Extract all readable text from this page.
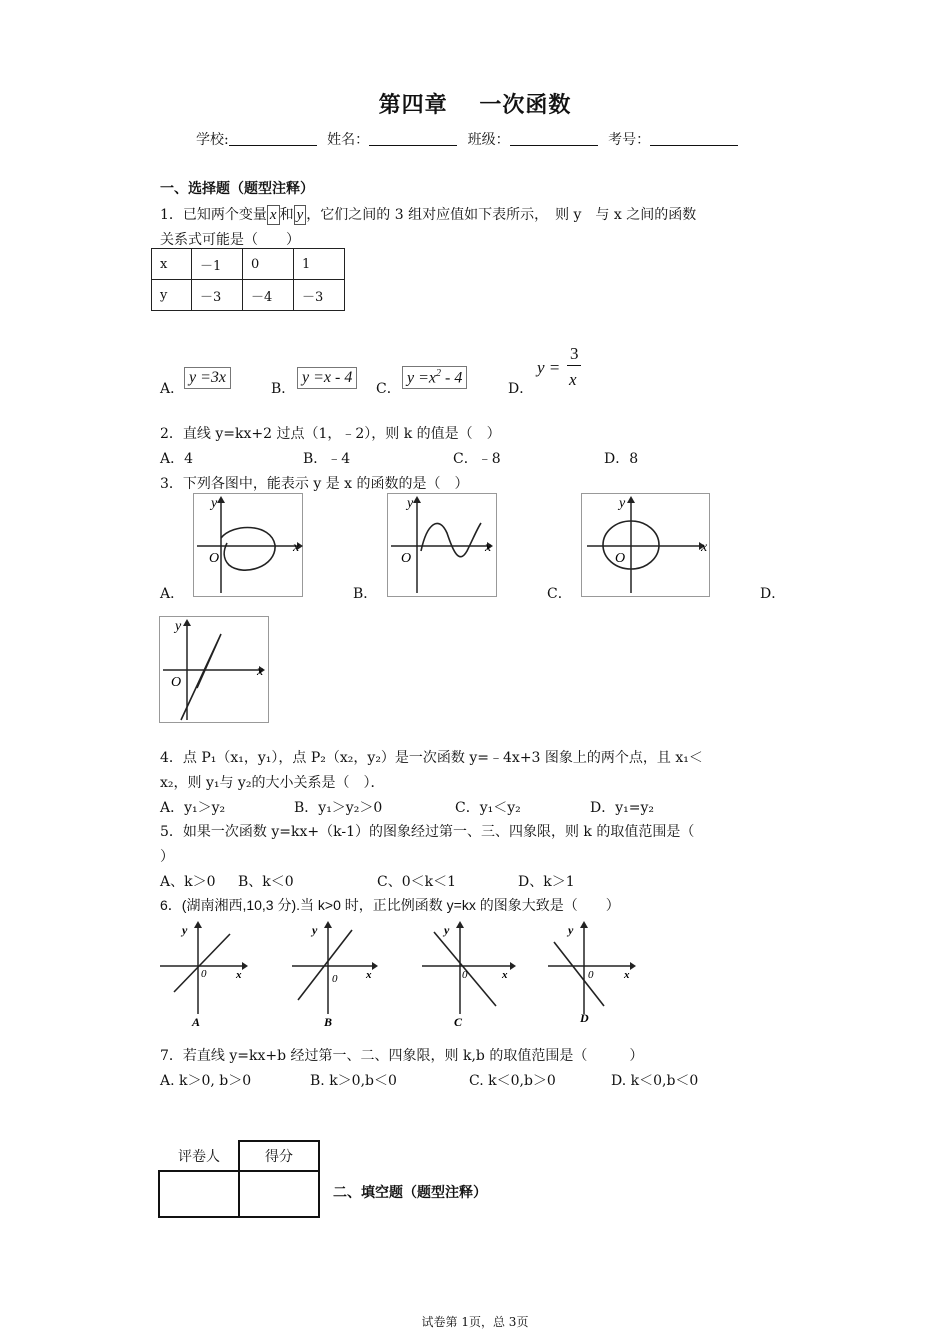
第四章　 一次函数
学校:	姓名：	班级：	考号：
一、选择题（题型注释）
1．已知两个变量 x 和 y ，它们之间的 3 组对应值如下表所示，　则 y　与 x 之间的函数
关系式可能是（　　）
x	－1	0	1
y	－3	－4	－3
A．
y =3x
B．
y =x - 4
C．
$y =x^2 - 4$
D．
y =
3
x
2．直线 y=kx+2 过点（1，﹣2），则 k 的值是（　）
A．4	B．﹣4	C．﹣8	D．8
3．下列各图中，能表示 y 是 x 的函数的是（　）
O
x
y
A．
O
x
y
B．
O
x
y
C．	D．
O
x
y
4．点 P₁（x₁，y₁），点 P₂（x₂，y₂）是一次函数 y=﹣4x+3 图象上的两个点，且 x₁＜
x₂，则 y₁与 y₂的大小关系是（　）．
A．y₁＞y₂	B．y₁＞y₂＞0	C．y₁＜y₂	D．y₁=y₂
5．如果一次函数 y=kx+（k-1）的图象经过第一、三、四象限，则 k 的取值范围是（
）
A、k＞0 B、k＜0	C、0＜k＜1	D、k＞1
6．(湖南湘西,10,3 分).当 k>0 时，正比例函数 y=kx 的图象大致是（　　）
y
x
0
A
y
x
0
B
y
x
0
C
y
x
0
D
7．若直线 y=kx+b 经过第一、二、四象限，则 k,b 的取值范围是（　　　）
A. k＞0, b＞0	B. k＞0,b＜0	C. k＜0,b＞0	D. k＜0,b＜0
评卷人	得分

二、填空题（题型注释）
试卷第 1页，总 3页
